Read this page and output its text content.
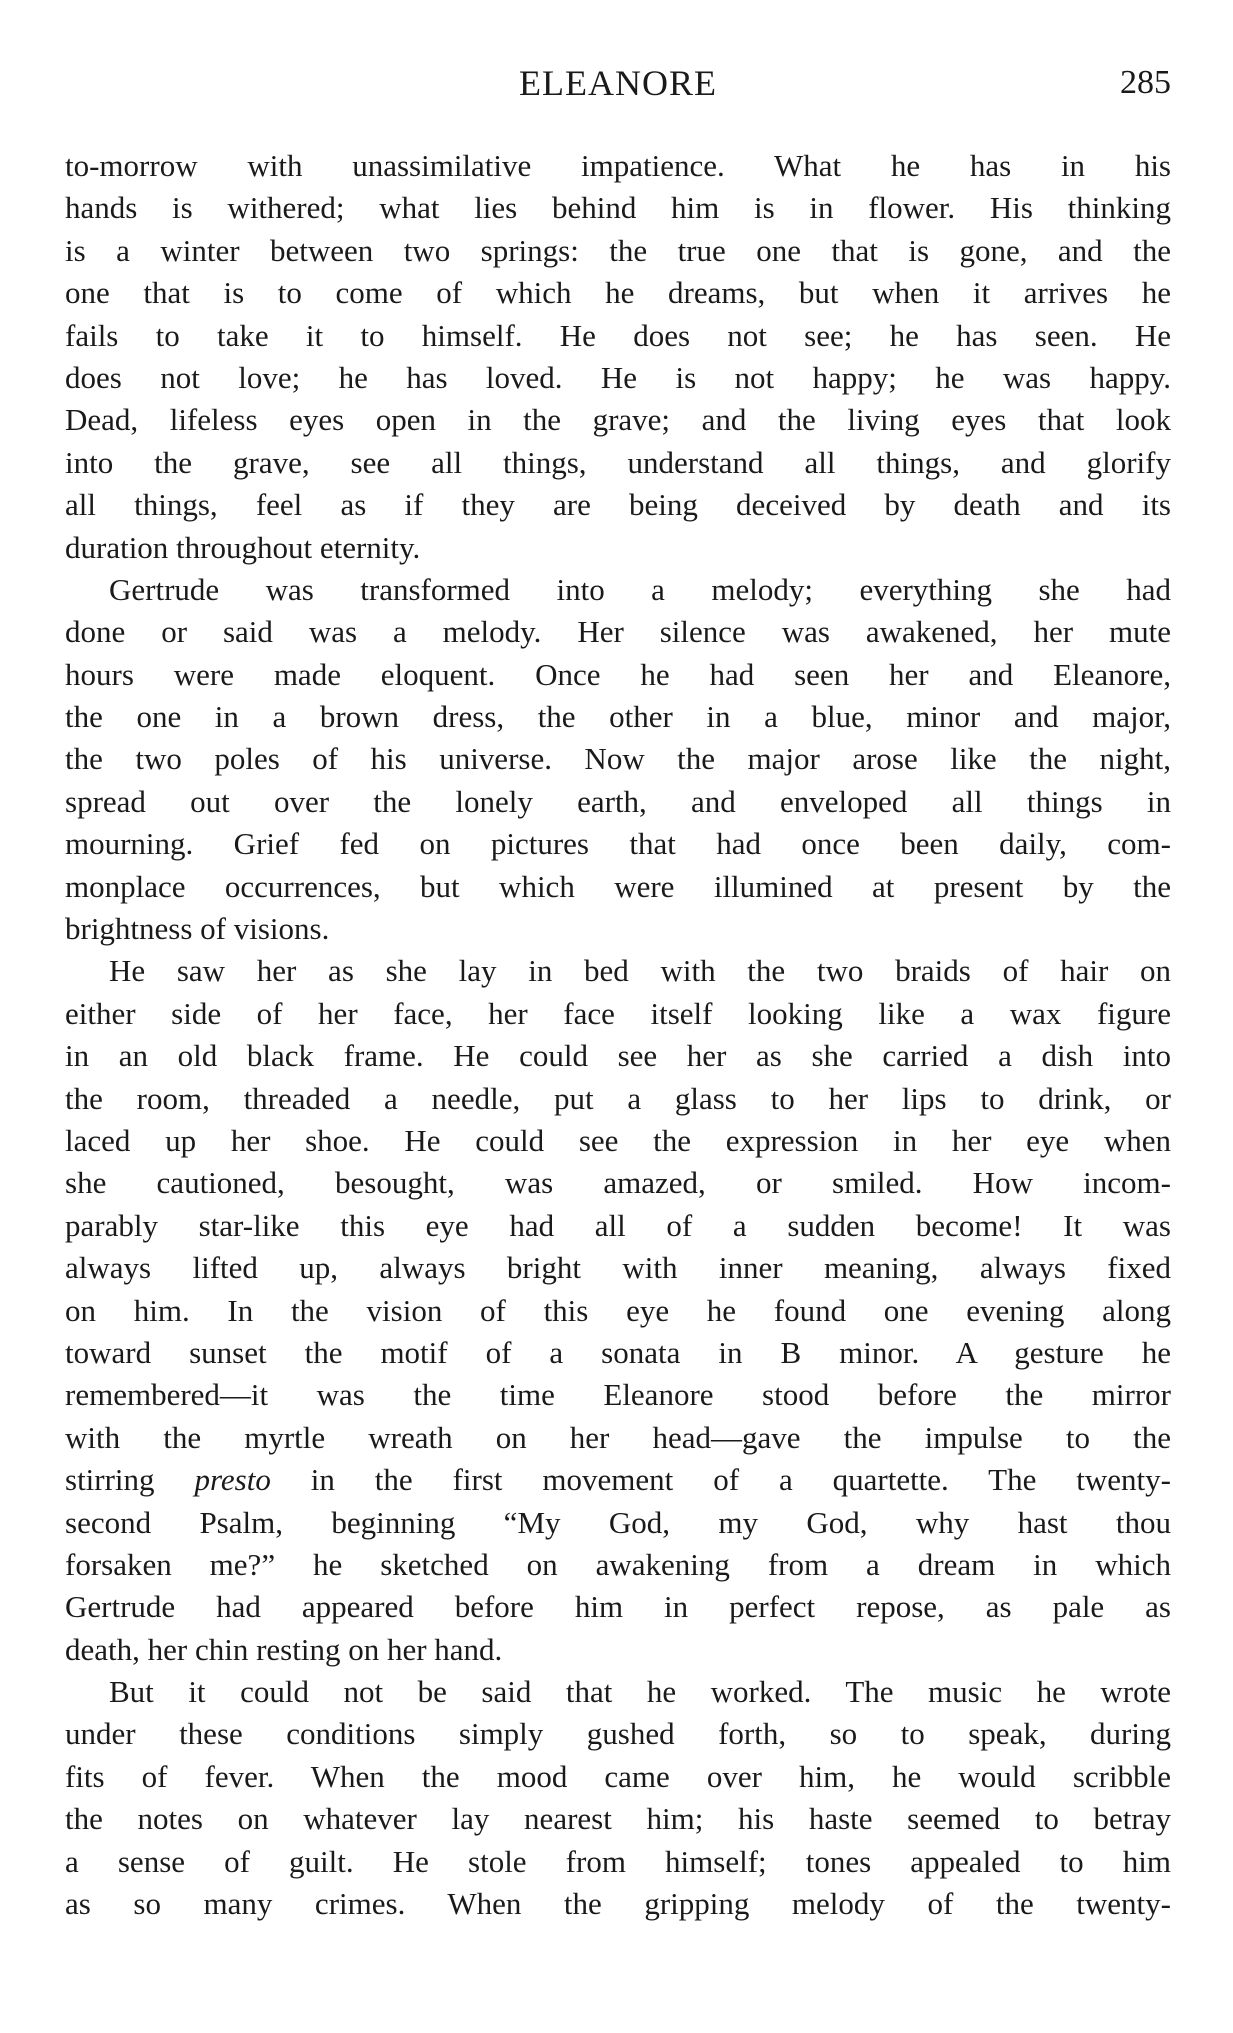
ELEANORE	285
to-morrow with unassimilative impatience. What he has in his
hands is withered; what lies behind him is in flower. His thinking
is a winter between two springs: the true one that is gone, and the
one that is to come of which he dreams, but when it arrives he
fails to take it to himself. He does not see; he has seen. He
does not love; he has loved. He is not happy; he was happy.
Dead, lifeless eyes open in the grave; and the living eyes that look
into the grave, see all things, understand all things, and glorify
all things, feel as if they are being deceived by death and its
duration throughout eternity.
Gertrude was transformed into a melody; everything she had
done or said was a melody. Her silence was awakened, her mute
hours were made eloquent. Once he had seen her and Eleanore,
the one in a brown dress, the other in a blue, minor and major,
the two poles of his universe. Now the major arose like the night,
spread out over the lonely earth, and enveloped all things in
mourning. Grief fed on pictures that had once been daily, com-
monplace occurrences, but which were illumined at present by the
brightness of visions.
He saw her as she lay in bed with the two braids of hair on
either side of her face, her face itself looking like a wax figure
in an old black frame. He could see her as she carried a dish into
the room, threaded a needle, put a glass to her lips to drink, or
laced up her shoe. He could see the expression in her eye when
she cautioned, besought, was amazed, or smiled. How incom-
parably star-like this eye had all of a sudden become! It was
always lifted up, always bright with inner meaning, always fixed
on him. In the vision of this eye he found one evening along
toward sunset the motif of a sonata in B minor. A gesture he
remembered—it was the time Eleanore stood before the mirror
with the myrtle wreath on her head—gave the impulse to the
stirring presto in the first movement of a quartette. The twenty-
second Psalm, beginning “My God, my God, why hast thou
forsaken me?” he sketched on awakening from a dream in which
Gertrude had appeared before him in perfect repose, as pale as
death, her chin resting on her hand.
But it could not be said that he worked. The music he wrote
under these conditions simply gushed forth, so to speak, during
fits of fever. When the mood came over him, he would scribble
the notes on whatever lay nearest him; his haste seemed to betray
a sense of guilt. He stole from himself; tones appealed to him
as so many crimes. When the gripping melody of the twenty-
